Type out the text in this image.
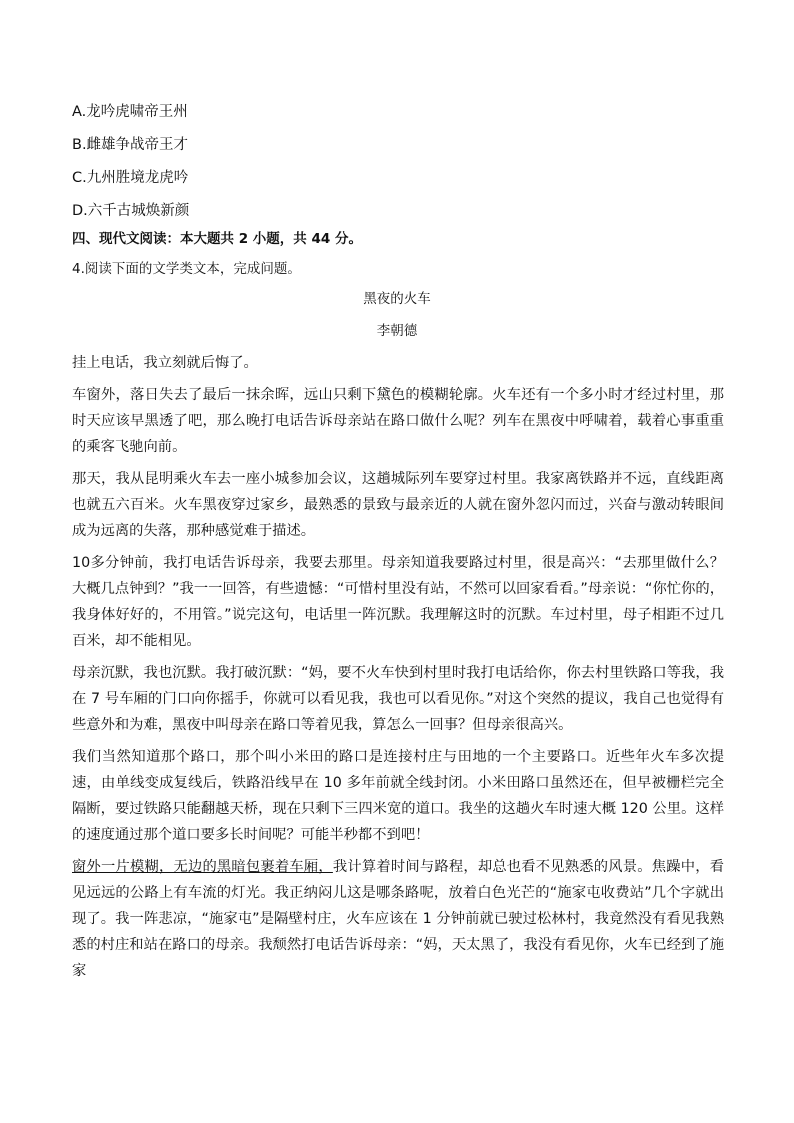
A.龙吟虎啸帝王州
B.雌雄争战帝王才
C.九州胜境龙虎吟
D.六千古城焕新颜
四、现代文阅读：本大题共 2 小题，共 44 分。
4.阅读下面的文学类文本，完成问题。
黑夜的火车
李朝德

挂上电话，我立刻就后悔了。

车窗外，落日失去了最后一抹余晖，远山只剩下黛色的模糊轮廓。火车还有一个多小时才经过村里，那时天应该早黑透了吧，那么晚打电话告诉母亲站在路口做什么呢？列车在黑夜中呼啸着，载着心事重重的乘客飞驰向前。

那天，我从昆明乘火车去一座小城参加会议，这趟城际列车要穿过村里。我家离铁路并不远，直线距离也就五六百米。火车黑夜穿过家乡，最熟悉的景致与最亲近的人就在窗外忽闪而过，兴奋与激动转眼间成为远离的失落，那种感觉难于描述。

10多分钟前，我打电话告诉母亲，我要去那里。母亲知道我要路过村里，很是高兴：“去那里做什么？大概几点钟到？”我一一回答，有些遗憾：“可惜村里没有站，不然可以回家看看。”母亲说：“你忙你的，我身体好好的，不用管。”说完这句，电话里一阵沉默。我理解这时的沉默。车过村里，母子相距不过几百米，却不能相见。

母亲沉默，我也沉默。我打破沉默：“妈，要不火车快到村里时我打电话给你，你去村里铁路口等我，我在 7 号车厢的门口向你摇手，你就可以看见我，我也可以看见你。”对这个突然的提议，我自己也觉得有些意外和为难，黑夜中叫母亲在路口等着见我，算怎么一回事？但母亲很高兴。

我们当然知道那个路口，那个叫小米田的路口是连接村庄与田地的一个主要路口。近些年火车多次提速，由单线变成复线后，铁路沿线早在 10 多年前就全线封闭。小米田路口虽然还在，但早被栅栏完全隔断，要过铁路只能翻越天桥，现在只剩下三四米宽的道口。我坐的这趟火车时速大概 120 公里。这样的速度通过那个道口要多长时间呢？可能半秒都不到吧！

窗外一片模糊，无边的黑暗包裹着车厢，我计算着时间与路程，却总也看不见熟悉的风景。焦躁中，看见远远的公路上有车流的灯光。我正纳闷儿这是哪条路呢，放着白色光芒的“施家屯收费站”几个字就出现了。我一阵悲凉，“施家屯”是隔壁村庄，火车应该在 1 分钟前就已驶过松林村，我竟然没有看见我熟悉的村庄和站在路口的母亲。我颓然打电话告诉母亲：“妈，天太黑了，我没有看见你，火车已经到了施家
